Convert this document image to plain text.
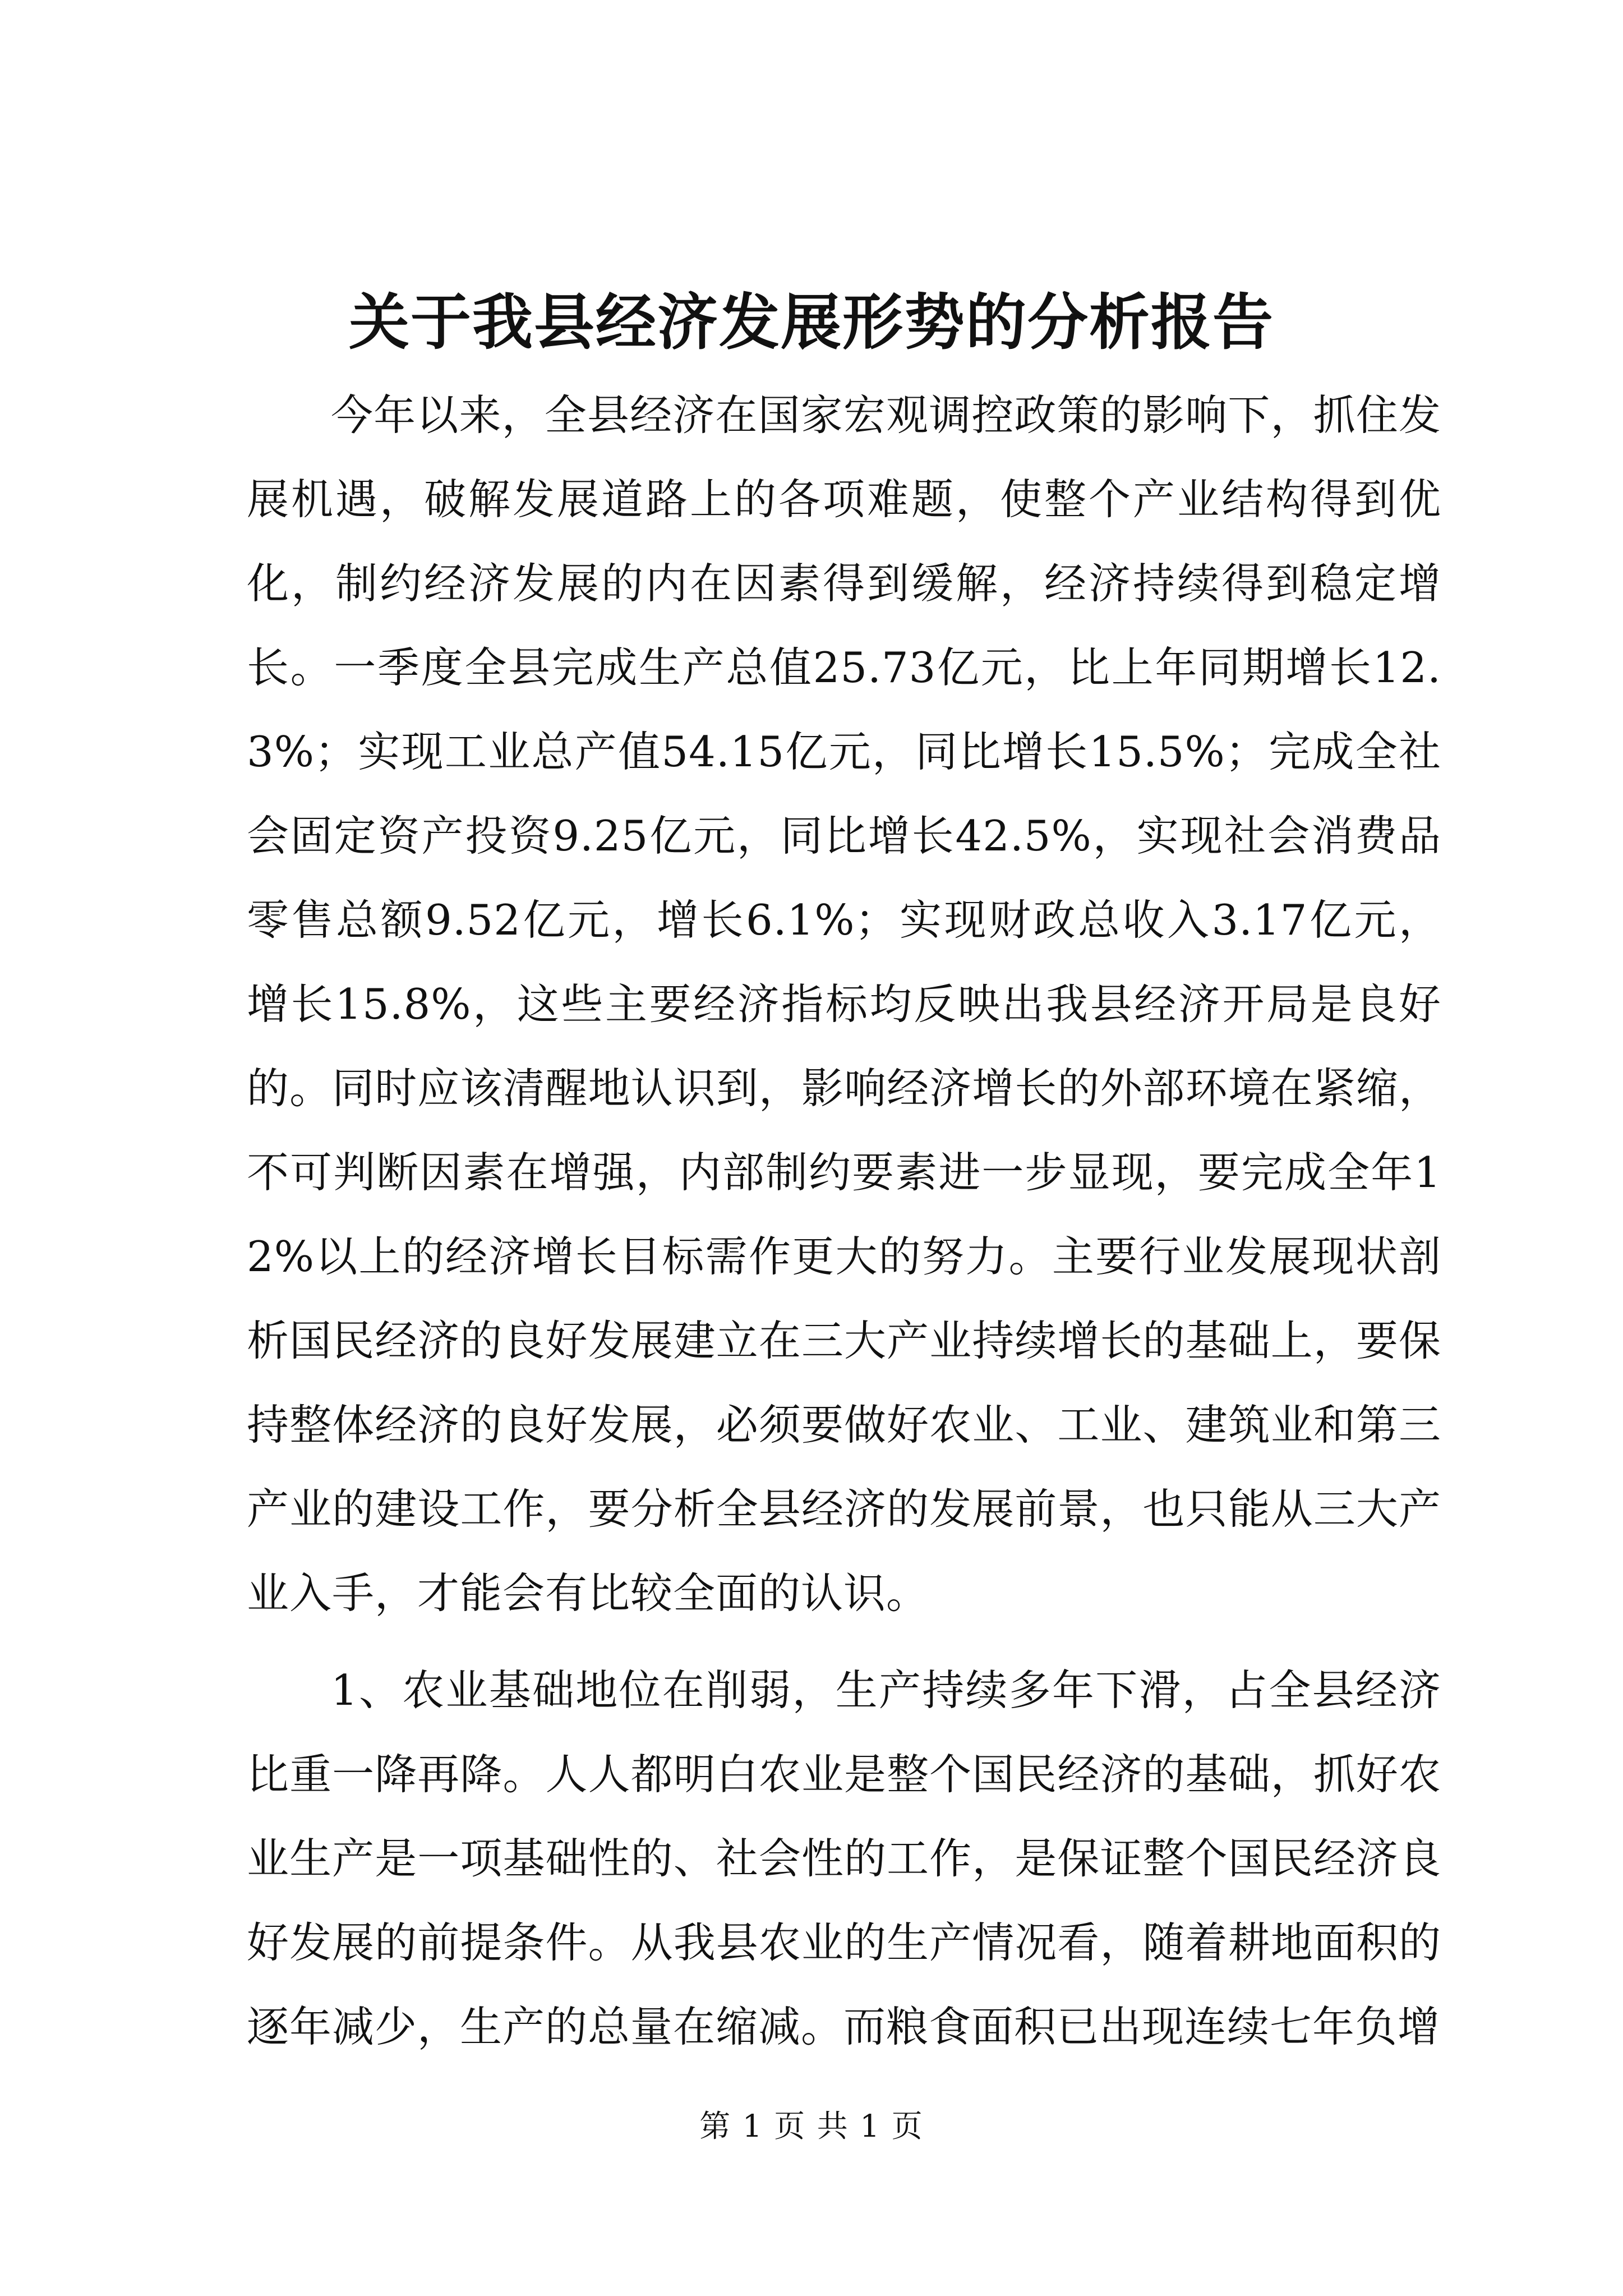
关于我县经济发展形势的分析报告

今年以来，全县经济在国家宏观调控政策的影响下，抓住发展机遇，破解发展道路上的各项难题，使整个产业结构得到优化，制约经济发展的内在因素得到缓解，经济持续得到稳定增长。一季度全县完成生产总值25.73亿元，比上年同期增长12.3%；实现工业总产值54.15亿元，同比增长15.5%；完成全社会固定资产投资9.25亿元，同比增长42.5%，实现社会消费品零售总额9.52亿元，增长6.1%；实现财政总收入3.17亿元，增长15.8%，这些主要经济指标均反映出我县经济开局是良好的。同时应该清醒地认识到，影响经济增长的外部环境在紧缩，不可判断因素在增强，内部制约要素进一步显现，要完成全年12%以上的经济增长目标需作更大的努力。主要行业发展现状剖析国民经济的良好发展建立在三大产业持续增长的基础上，要保持整体经济的良好发展，必须要做好农业、工业、建筑业和第三产业的建设工作，要分析全县经济的发展前景，也只能从三大产业入手，才能会有比较全面的认识。

1、农业基础地位在削弱，生产持续多年下滑，占全县经济比重一降再降。人人都明白农业是整个国民经济的基础，抓好农业生产是一项基础性的、社会性的工作，是保证整个国民经济良好发展的前提条件。从我县农业的生产情况看，随着耕地面积的逐年减少，生产的总量在缩减。而粮食面积已出现连续七年负增

第 1 页 共 1 页
